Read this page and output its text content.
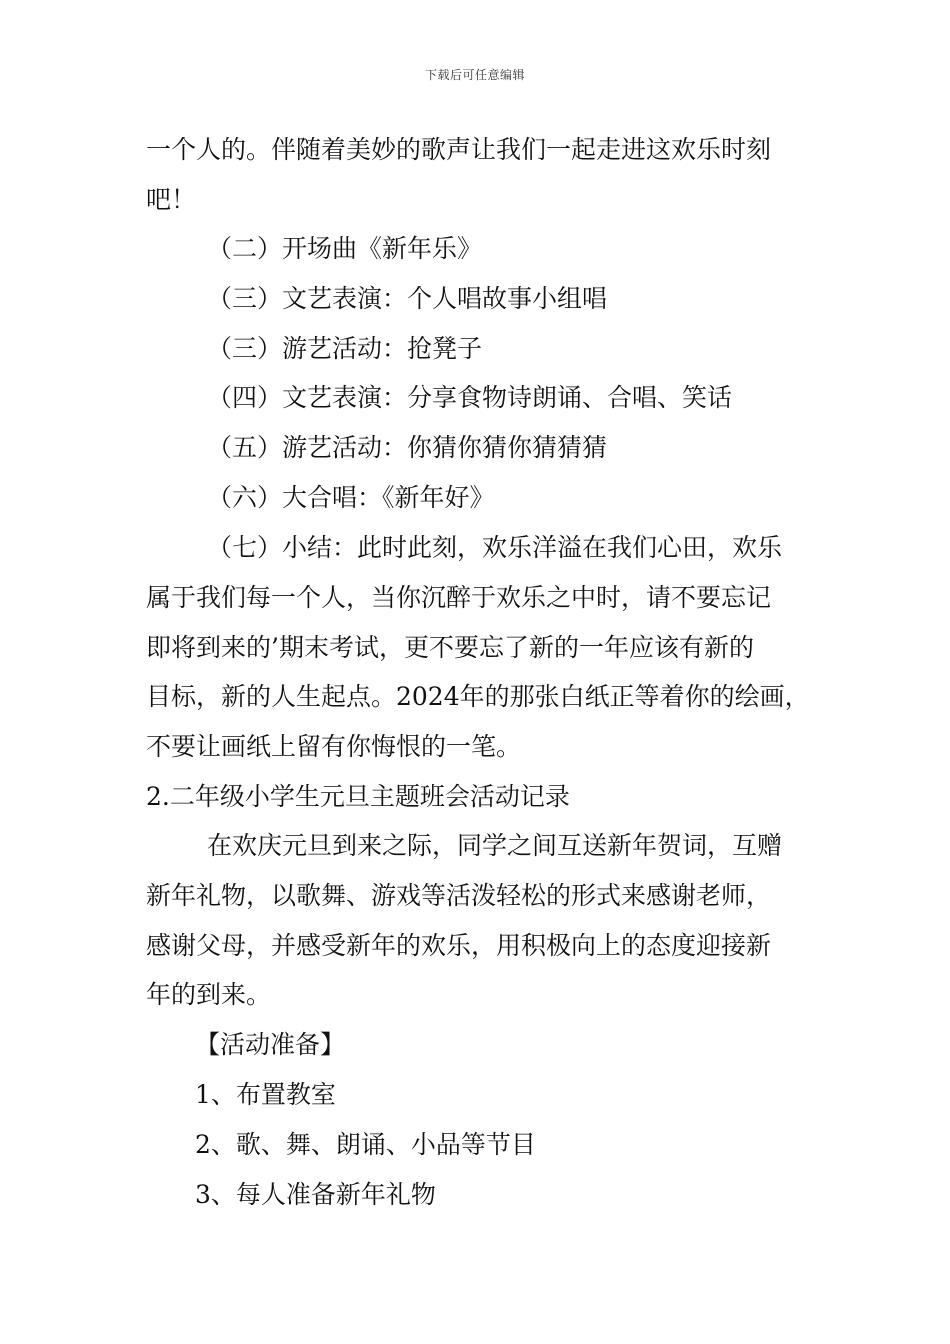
下载后可任意编辑
一个人的。伴随着美妙的歌声让我们一起走进这欢乐时刻
吧！
（二）开场曲《新年乐》
（三）文艺表演：个人唱故事小组唱
（三）游艺活动：抢凳子
（四）文艺表演：分享食物诗朗诵、合唱、笑话
（五）游艺活动：你猜你猜你猜猜猜
（六）大合唱：《新年好》
（七）小结：此时此刻，欢乐洋溢在我们心田，欢乐
属于我们每一个人，当你沉醉于欢乐之中时，请不要忘记
即将到来的’期末考试，更不要忘了新的一年应该有新的
目标，新的人生起点。2024年的那张白纸正等着你的绘画，
不要让画纸上留有你悔恨的一笔。
2.二年级小学生元旦主题班会活动记录
在欢庆元旦到来之际，同学之间互送新年贺词，互赠
新年礼物，以歌舞、游戏等活泼轻松的形式来感谢老师，
感谢父母，并感受新年的欢乐，用积极向上的态度迎接新
年的到来。
【活动准备】
1、布置教室
2、歌、舞、朗诵、小品等节目
3、每人准备新年礼物
